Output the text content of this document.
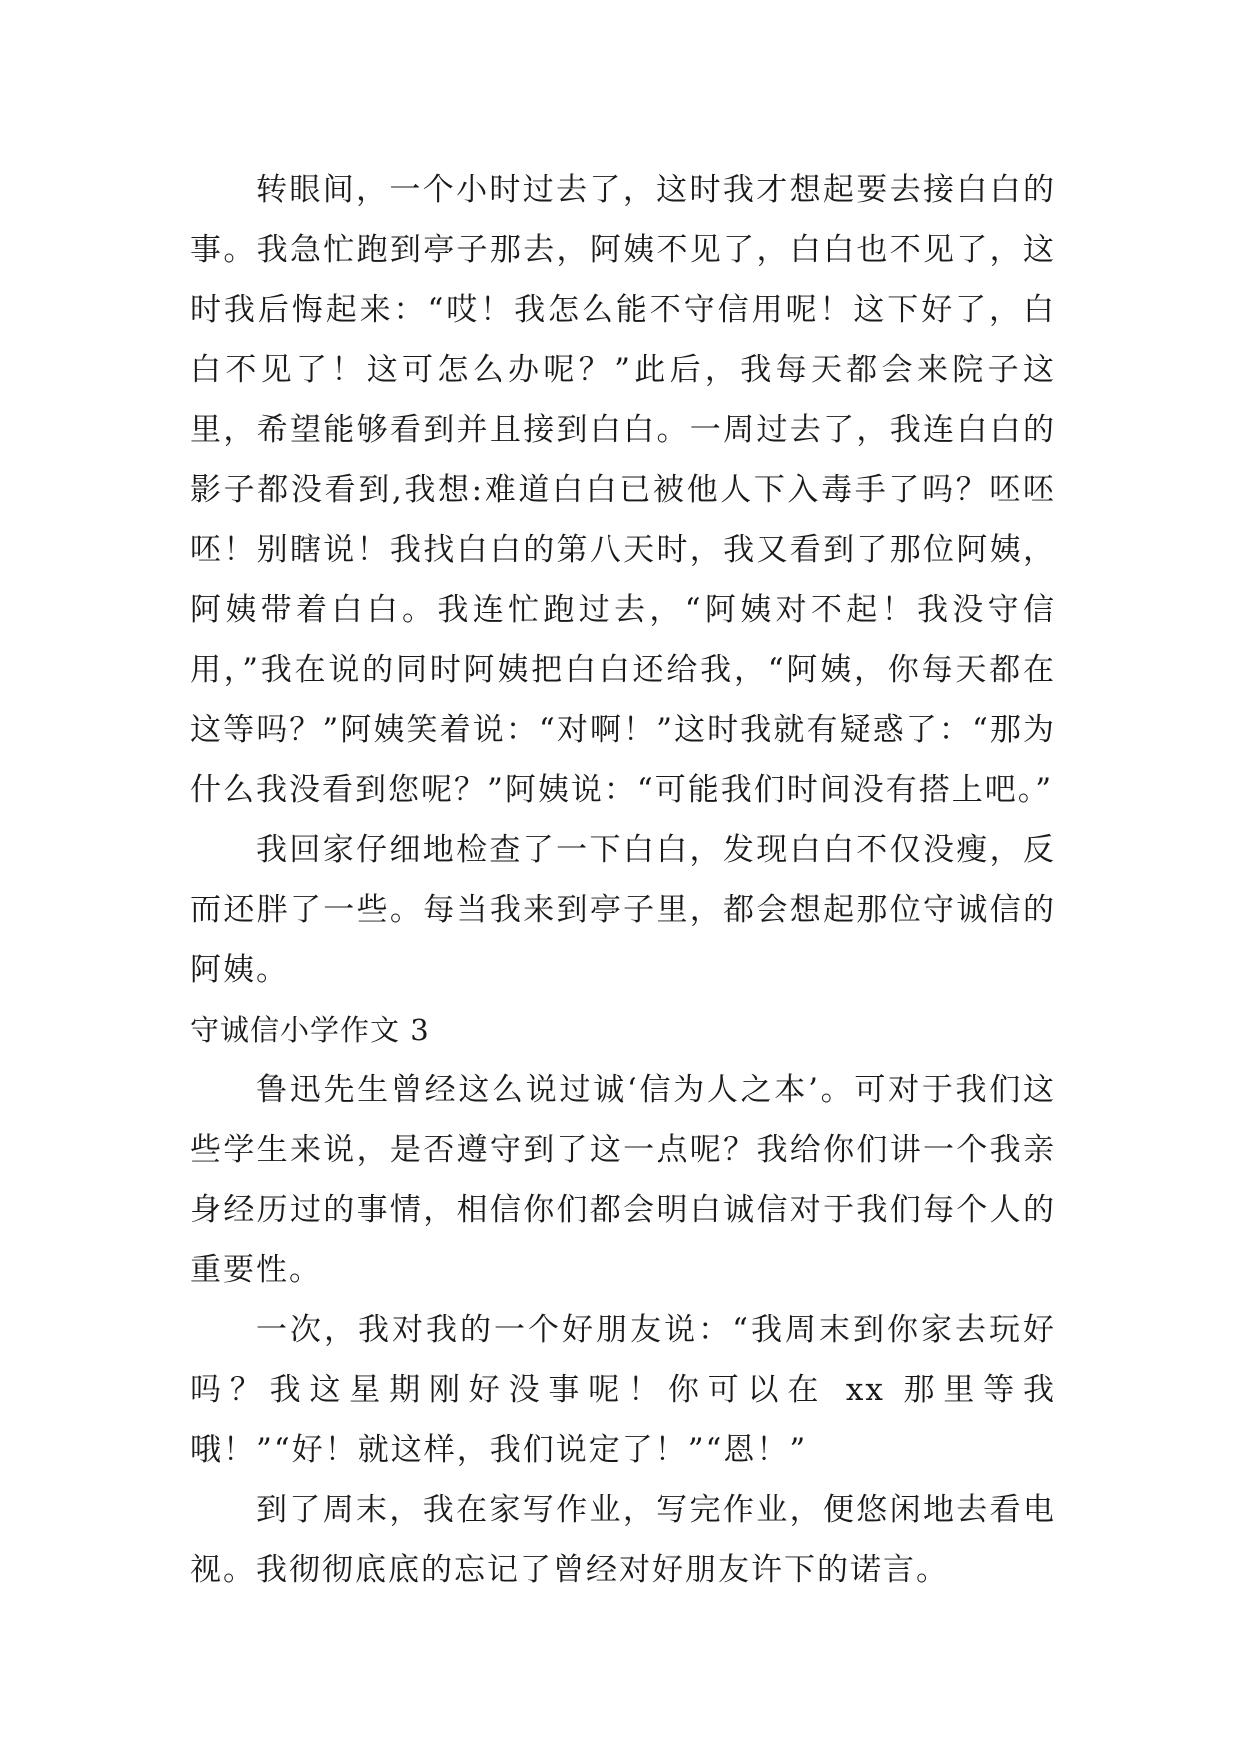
转眼间，一个小时过去了，这时我才想起要去接白白的事。我急忙跑到亭子那去，阿姨不见了，白白也不见了，这时我后悔起来：“哎！我怎么能不守信用呢！这下好了，白白不见了！这可怎么办呢？”此后，我每天都会来院子这里，希望能够看到并且接到白白。一周过去了，我连白白的影子都没看到,我想:难道白白已被他人下入毒手了吗？呸呸呸！别瞎说！我找白白的第八天时，我又看到了那位阿姨，阿姨带着白白。我连忙跑过去，“阿姨对不起！我没守信用，”我在说的同时阿姨把白白还给我，“阿姨，你每天都在这等吗？”阿姨笑着说：“对啊！”这时我就有疑惑了：“那为什么我没看到您呢？”阿姨说：“可能我们时间没有搭上吧。”

我回家仔细地检查了一下白白，发现白白不仅没瘦，反而还胖了一些。每当我来到亭子里，都会想起那位守诚信的阿姨。

守诚信小学作文 3

鲁迅先生曾经这么说过诚‘信为人之本’。可对于我们这些学生来说，是否遵守到了这一点呢？我给你们讲一个我亲身经历过的事情，相信你们都会明白诚信对于我们每个人的重要性。

一次，我对我的一个好朋友说：“我周末到你家去玩好吗？我这星期刚好没事呢！你可以在 xx 那里等我哦！”“好！就这样，我们说定了！”“恩！”

到了周末，我在家写作业，写完作业，便悠闲地去看电视。我彻彻底底的忘记了曾经对好朋友许下的诺言。
